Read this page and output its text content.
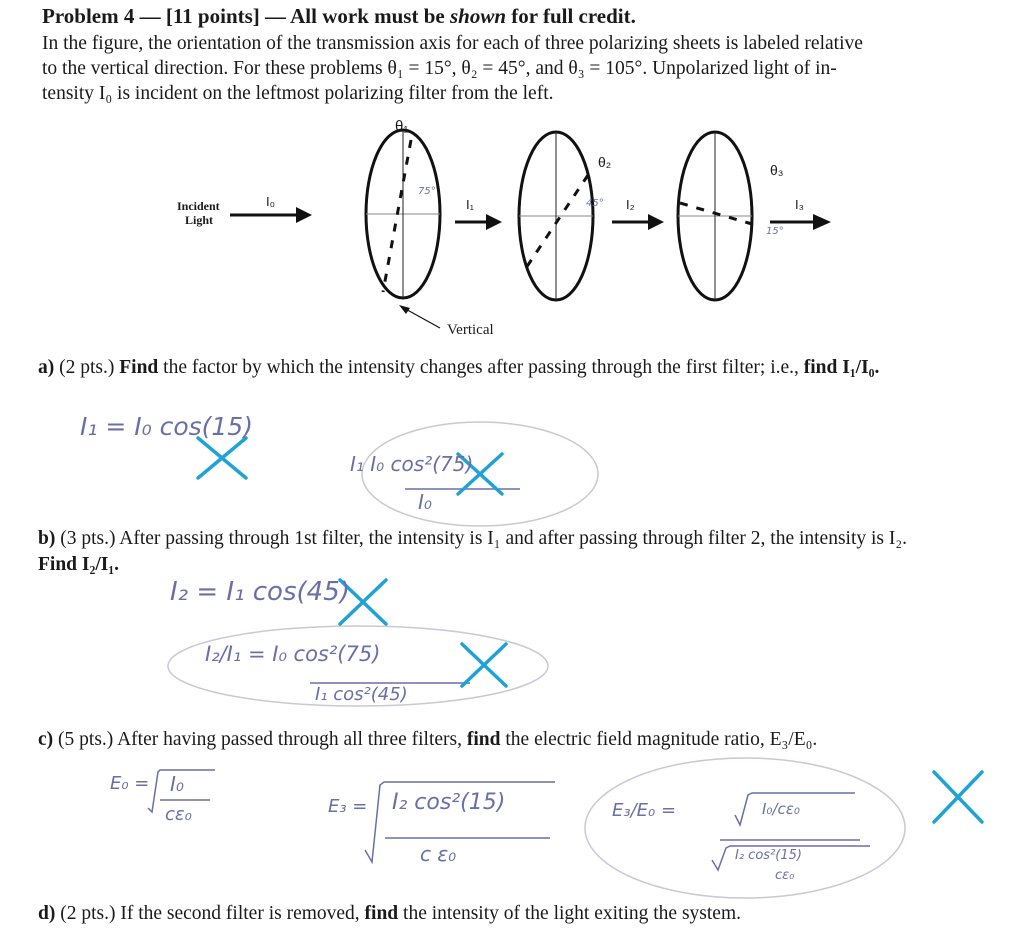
Problem 4 — [11 points] — All work must be shown for full credit.
In the figure, the orientation of the transmission axis for each of three polarizing sheets is labeled relative
to the vertical direction. For these problems θ₁ = 15°, θ₂ = 45°, and θ₃ = 105°. Unpolarized light of in-
tensity I₀ is incident on the leftmost polarizing filter from the left.
Incident
Light
I₀
θ₁
I₁
θ₂
I₂
θ₃
I₃
Vertical
75°
45°
15°
a) (2 pts.) Find the factor by which the intensity changes after passing through the first filter; i.e., find I₁/I₀.
I₁ = I₀ cos(15)
I₁ I₀ cos²(75)
I₀
b) (3 pts.) After passing through 1st filter, the intensity is I₁ and after passing through filter 2, the intensity is I₂.
Find I₂/I₁.
I₂ = I₁ cos(45)
I₂/I₁ = I₀ cos²(75)
I₁ cos²(45)
c) (5 pts.) After having passed through all three filters, find the electric field magnitude ratio, E₃/E₀.
E₀ = I₀
cε₀	E₃ = I₂ cos²(15)
c ε₀
E₃/E₀ =	I₀/cε₀
I₂ cos²(15)
cε₀
d) (2 pts.) If the second filter is removed, find the intensity of the light exiting the system.
